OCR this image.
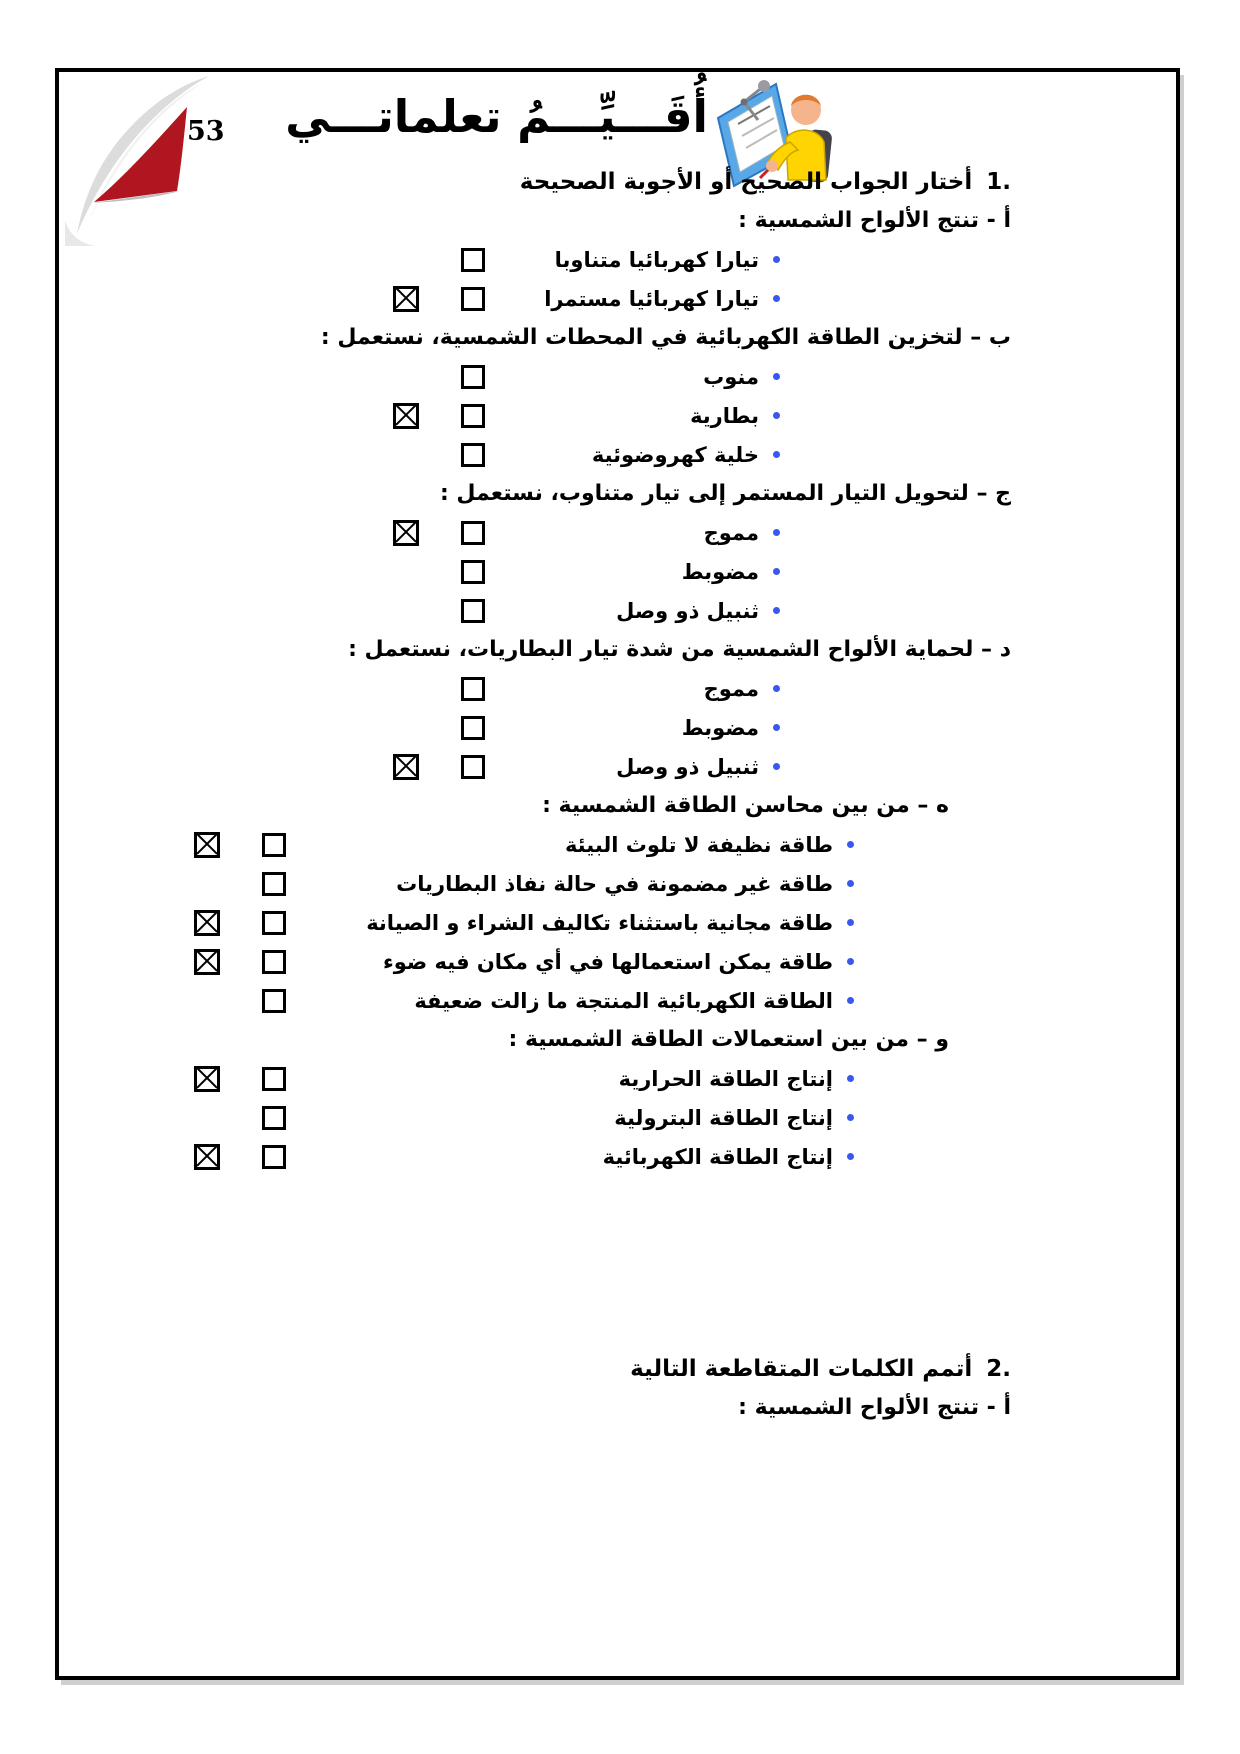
53 أُقَـــيِّـــمُ تعلماتـــي
1.
أختار الجواب الصحيح أو الأجوبة الصحيحة
أ - تنتج الألواح الشمسية :
تيارا كهربائيا متناوبا
تيارا كهربائيا مستمرا
ب – لتخزين الطاقة الكهربائية في المحطات الشمسية، نستعمل :
منوب
بطارية
خلية كهروضوئية
ج – لتحويل التيار المستمر إلى تيار متناوب، نستعمل :
مموج
مضوبط
ثنبيل ذو وصل
د – لحماية الألواح الشمسية من شدة تيار البطاريات، نستعمل :
مموج
مضوبط
ثنبيل ذو وصل
ه – من بين محاسن الطاقة الشمسية :
طاقة نظيفة لا تلوث البيئة
طاقة غير مضمونة في حالة نفاذ البطاريات
طاقة مجانية باستثناء تكاليف الشراء و الصيانة
طاقة يمكن استعمالها في أي مكان فيه ضوء
الطاقة الكهربائية المنتجة ما زالت ضعيفة
و – من بين استعمالات الطاقة الشمسية :
إنتاج الطاقة الحرارية
إنتاج الطاقة البترولية
إنتاج الطاقة الكهربائية
2.
أتمم الكلمات المتقاطعة التالية
أ - تنتج الألواح الشمسية :
